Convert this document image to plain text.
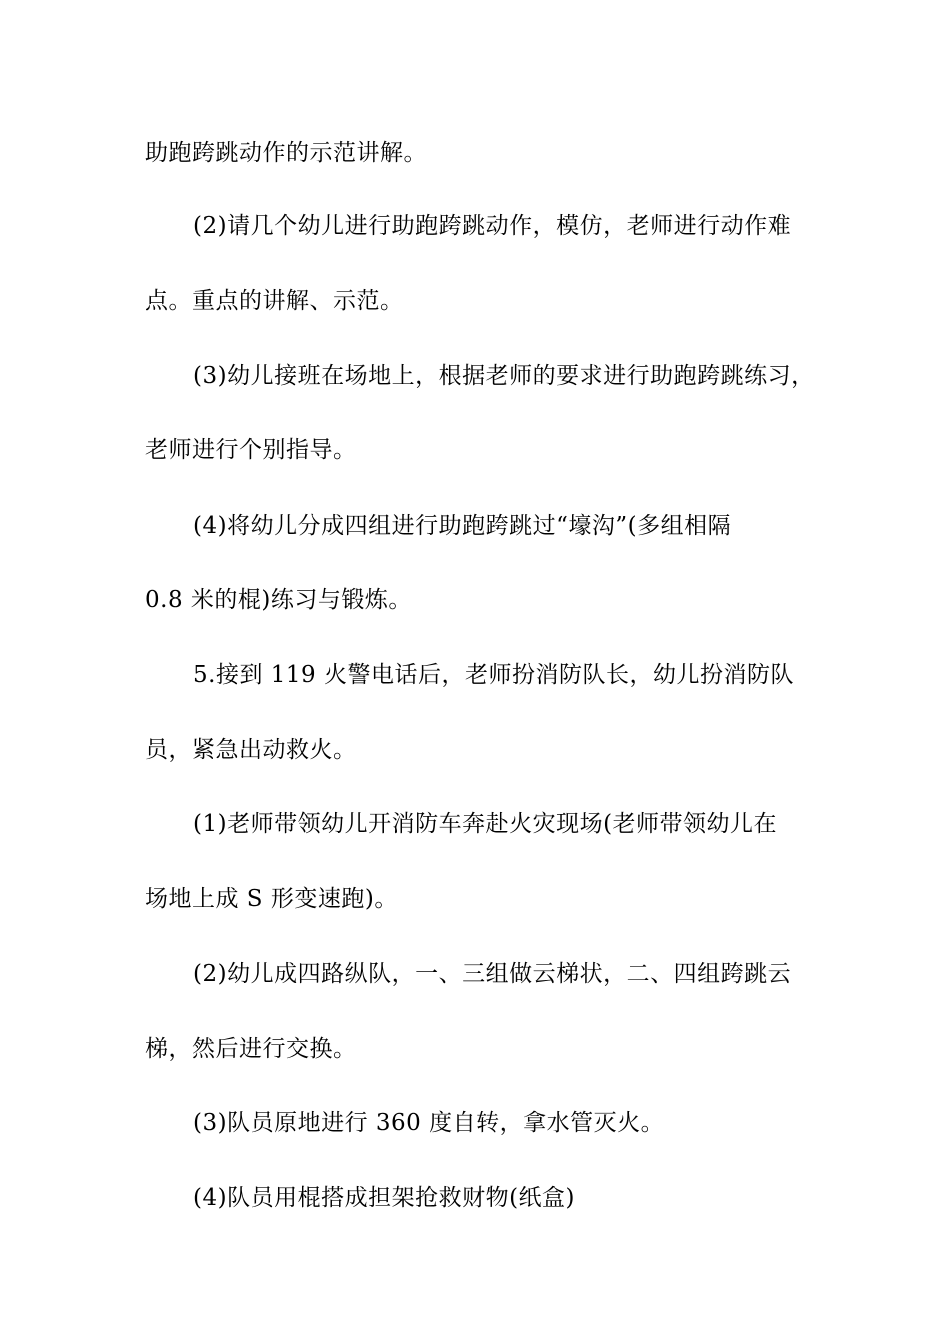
助跑跨跳动作的示范讲解。
(2)请几个幼儿进行助跑跨跳动作，模仿，老师进行动作难
点。重点的讲解、示范。
(3)幼儿接班在场地上，根据老师的要求进行助跑跨跳练习，
老师进行个别指导。
(4)将幼儿分成四组进行助跑跨跳过“壕沟”(多组相隔
0.8 米的棍)练习与锻炼。
5.接到 119 火警电话后，老师扮消防队长，幼儿扮消防队
员，紧急出动救火。
(1)老师带领幼儿开消防车奔赴火灾现场(老师带领幼儿在
场地上成 S 形变速跑)。
(2)幼儿成四路纵队，一、三组做云梯状，二、四组跨跳云
梯，然后进行交换。
(3)队员原地进行 360 度自转，拿水管灭火。
(4)队员用棍搭成担架抢救财物(纸盒)
